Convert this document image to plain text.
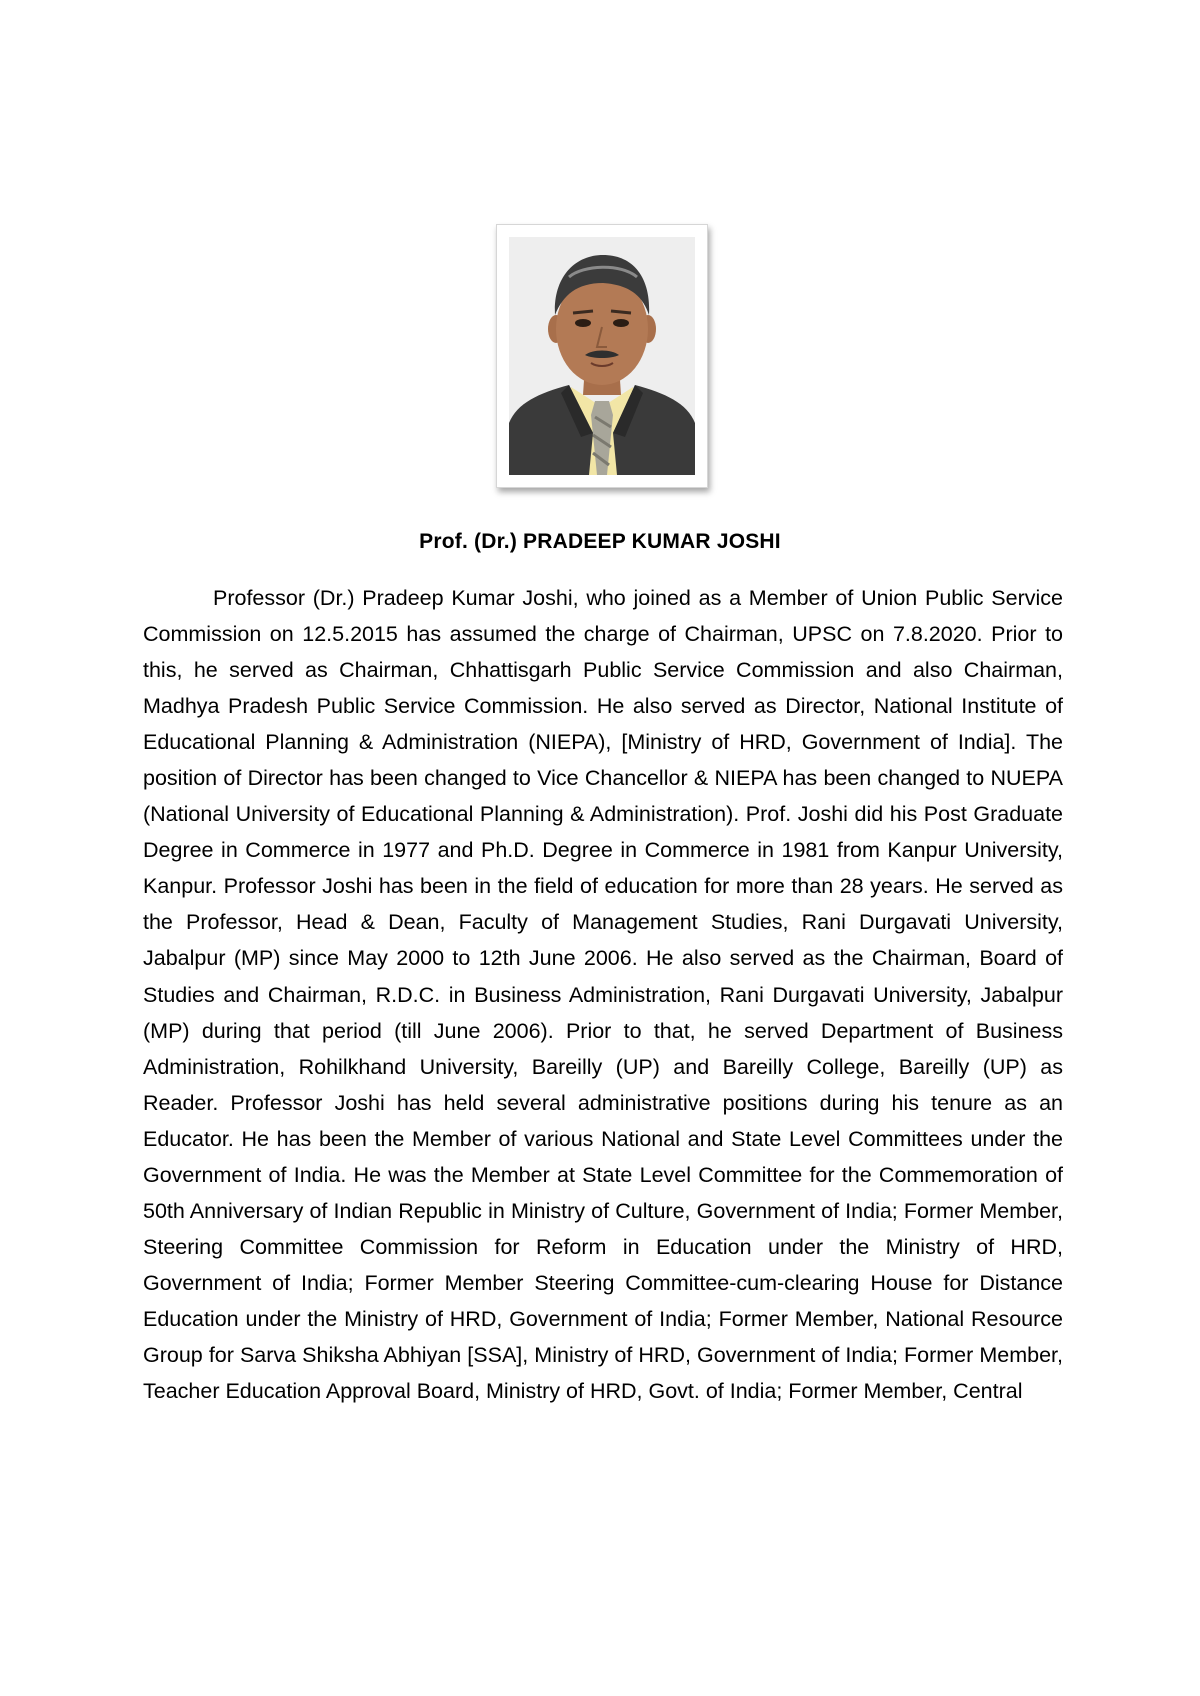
Prof. (Dr.) PRADEEP KUMAR JOSHI

Professor (Dr.) Pradeep Kumar Joshi, who joined as a Member of Union Public Service Commission on 12.5.2015 has assumed the charge of Chairman, UPSC on 7.8.2020. Prior to this, he served as Chairman, Chhattisgarh Public Service Commission and also Chairman, Madhya Pradesh Public Service Commission. He also served as Director, National Institute of Educational Planning & Administration (NIEPA), [Ministry of HRD, Government of India]. The position of Director has been changed to Vice Chancellor & NIEPA has been changed to NUEPA (National University of Educational Planning & Administration). Prof. Joshi did his Post Graduate Degree in Commerce in 1977 and Ph.D. Degree in Commerce in 1981 from Kanpur University, Kanpur. Professor Joshi has been in the field of education for more than 28 years. He served as the Professor, Head & Dean, Faculty of Management Studies, Rani Durgavati University, Jabalpur (MP) since May 2000 to 12th June 2006. He also served as the Chairman, Board of Studies and Chairman, R.D.C. in Business Administration, Rani Durgavati University, Jabalpur (MP) during that period (till June 2006). Prior to that, he served Department of Business Administration, Rohilkhand University, Bareilly (UP) and Bareilly College, Bareilly (UP) as Reader. Professor Joshi has held several administrative positions during his tenure as an Educator. He has been the Member of various National and State Level Committees under the Government of India. He was the Member at State Level Committee for the Commemoration of 50th Anniversary of Indian Republic in Ministry of Culture, Government of India; Former Member, Steering Committee Commission for Reform in Education under the Ministry of HRD, Government of India; Former Member Steering Committee-cum-clearing House for Distance Education under the Ministry of HRD, Government of India; Former Member, National Resource Group for Sarva Shiksha Abhiyan [SSA], Ministry of HRD, Government of India; Former Member, Teacher Education Approval Board, Ministry of HRD, Govt. of India; Former Member, Central
